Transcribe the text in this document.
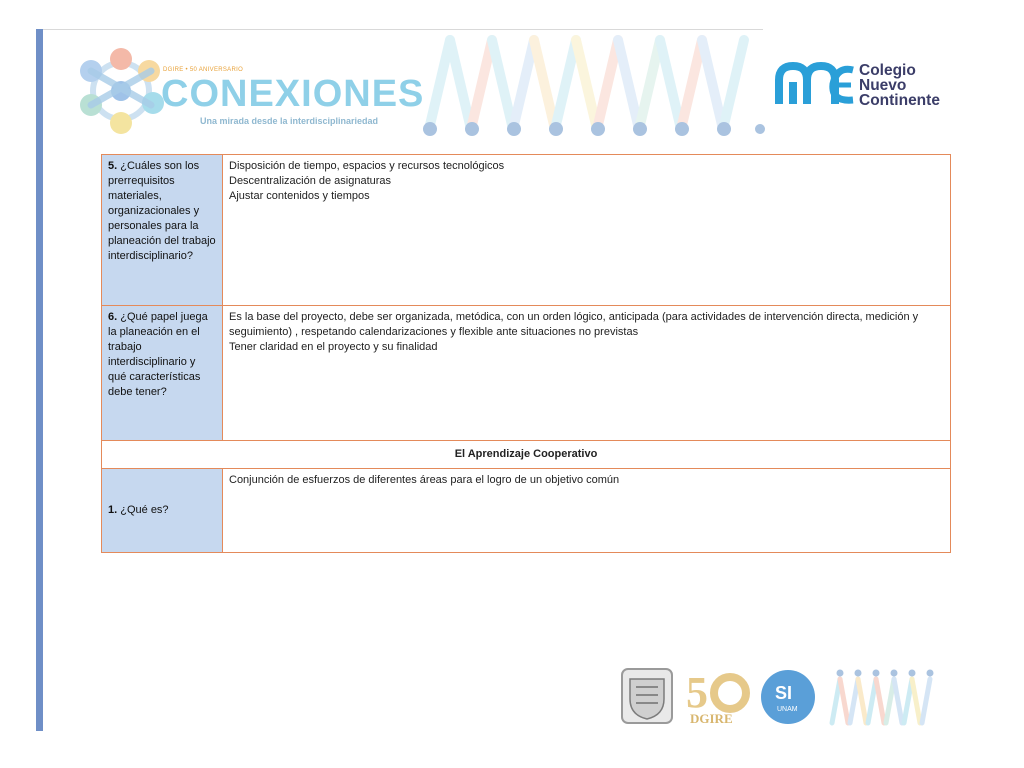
DGIRE • 50 ANIVERSARIO
CONEXIONES
Una mirada desde la interdisciplinariedad
Colegio
Nuevo
Continente
5. ¿Cuáles son los prerrequisitos materiales, organizacionales y personales para la planeación del trabajo interdisciplinario?	Disposición de tiempo, espacios y recursos tecnológicos
Descentralización de asignaturas
Ajustar contenidos y tiempos

6. ¿Qué papel juega la planeación en el trabajo interdisciplinario y qué características debe tener?	Es la base del proyecto, debe ser organizada, metódica, con un orden lógico, anticipada (para actividades de intervención directa, medición y seguimiento) , respetando calendarizaciones y flexible ante situaciones no previstas
Tener claridad en el proyecto y su finalidad

El Aprendizaje Cooperativo	
1. ¿Qué es?	Conjunción de esfuerzos de diferentes áreas para el logro de un objetivo común
5
DGIRE
SI
UNAM
